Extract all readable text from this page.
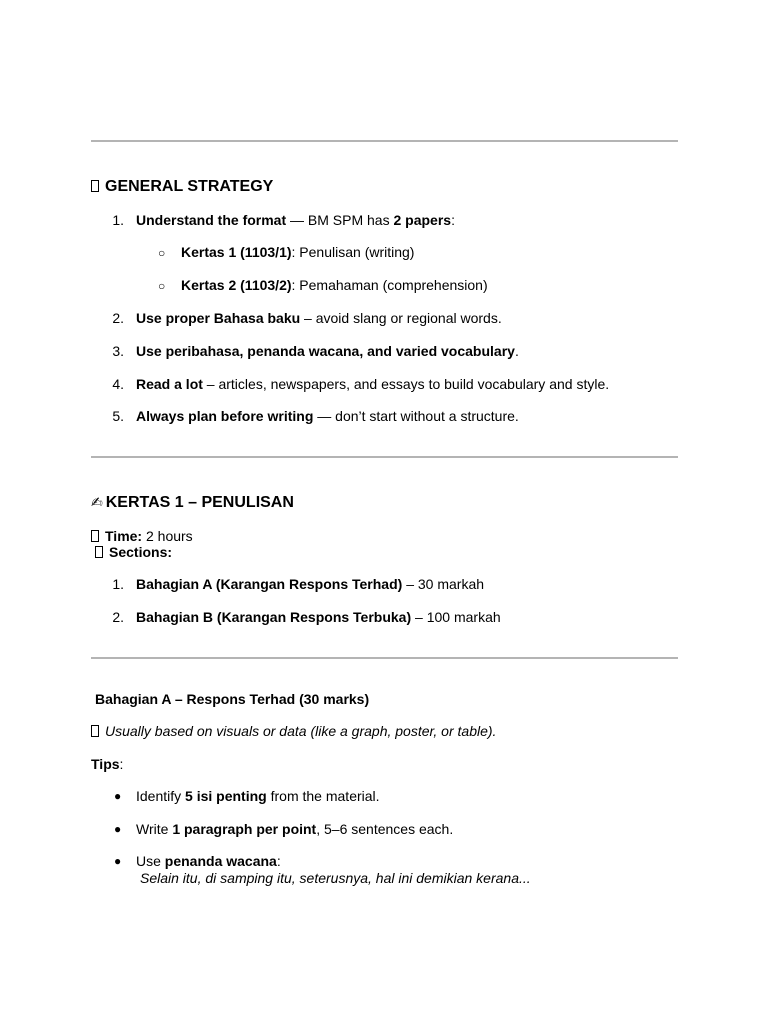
GENERAL STRATEGY
1. Understand the format — BM SPM has 2 papers:
○ Kertas 1 (1103/1): Penulisan (writing)
○ Kertas 2 (1103/2): Pemahaman (comprehension)
2. Use proper Bahasa baku – avoid slang or regional words.
3. Use peribahasa, penanda wacana, and varied vocabulary.
4. Read a lot – articles, newspapers, and essays to build vocabulary and style.
5. Always plan before writing — don’t start without a structure.
✍ KERTAS 1 – PENULISAN
Time: 2 hours
Sections:
1. Bahagian A (Karangan Respons Terhad) – 30 markah
2. Bahagian B (Karangan Respons Terbuka) – 100 markah
Bahagian A – Respons Terhad (30 marks)
Usually based on visuals or data (like a graph, poster, or table).
Tips:
● Identify 5 isi penting from the material.
● Write 1 paragraph per point, 5–6 sentences each.
● Use penanda wacana:
Selain itu, di samping itu, seterusnya, hal ini demikian kerana...
